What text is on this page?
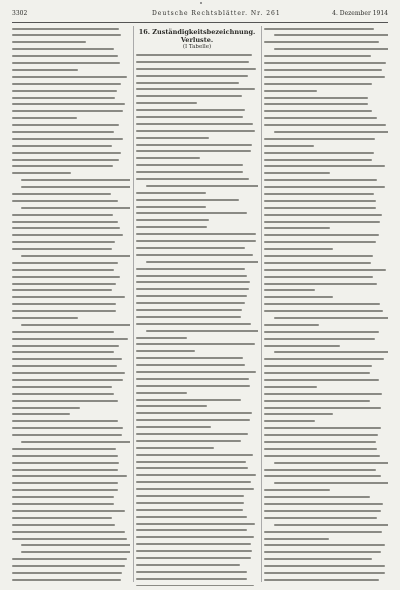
3302	Deutsche Rechtsblätter. Nr. 261	4. Dezember 1914
16. Zuständigkeitsbezeichnung. Verluste.
(I Tabelle)
